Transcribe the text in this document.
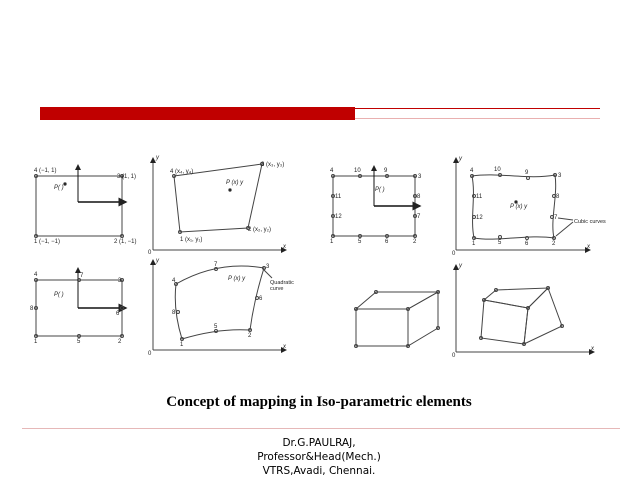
4 (−1, 1)
3 (1, 1)
1 (−1, −1)	2 (1, −1)
P( )
y
x
0
4 (x₄, y₄)
3 (x₃, y₃)
1 (x₁, y₁)
2 (x₂, y₂)
P (x) y
4	7
3
8
6
1	5	2
P( )
y
x
0
4
7	3
8
6
1
5
2
P (x) y
Quadratic curve
4	10	9
3
11	8
12	7
1	5	6	2
P( )
y
x
0
4	10	9	3
11	8
12	7
1	5	6	2
P (x) y
Cubic curves
y
x
0
Concept of mapping in Iso-parametric elements
Dr.G.PAULRAJ,
Professor&Head(Mech.)
VTRS,Avadi, Chennai.
